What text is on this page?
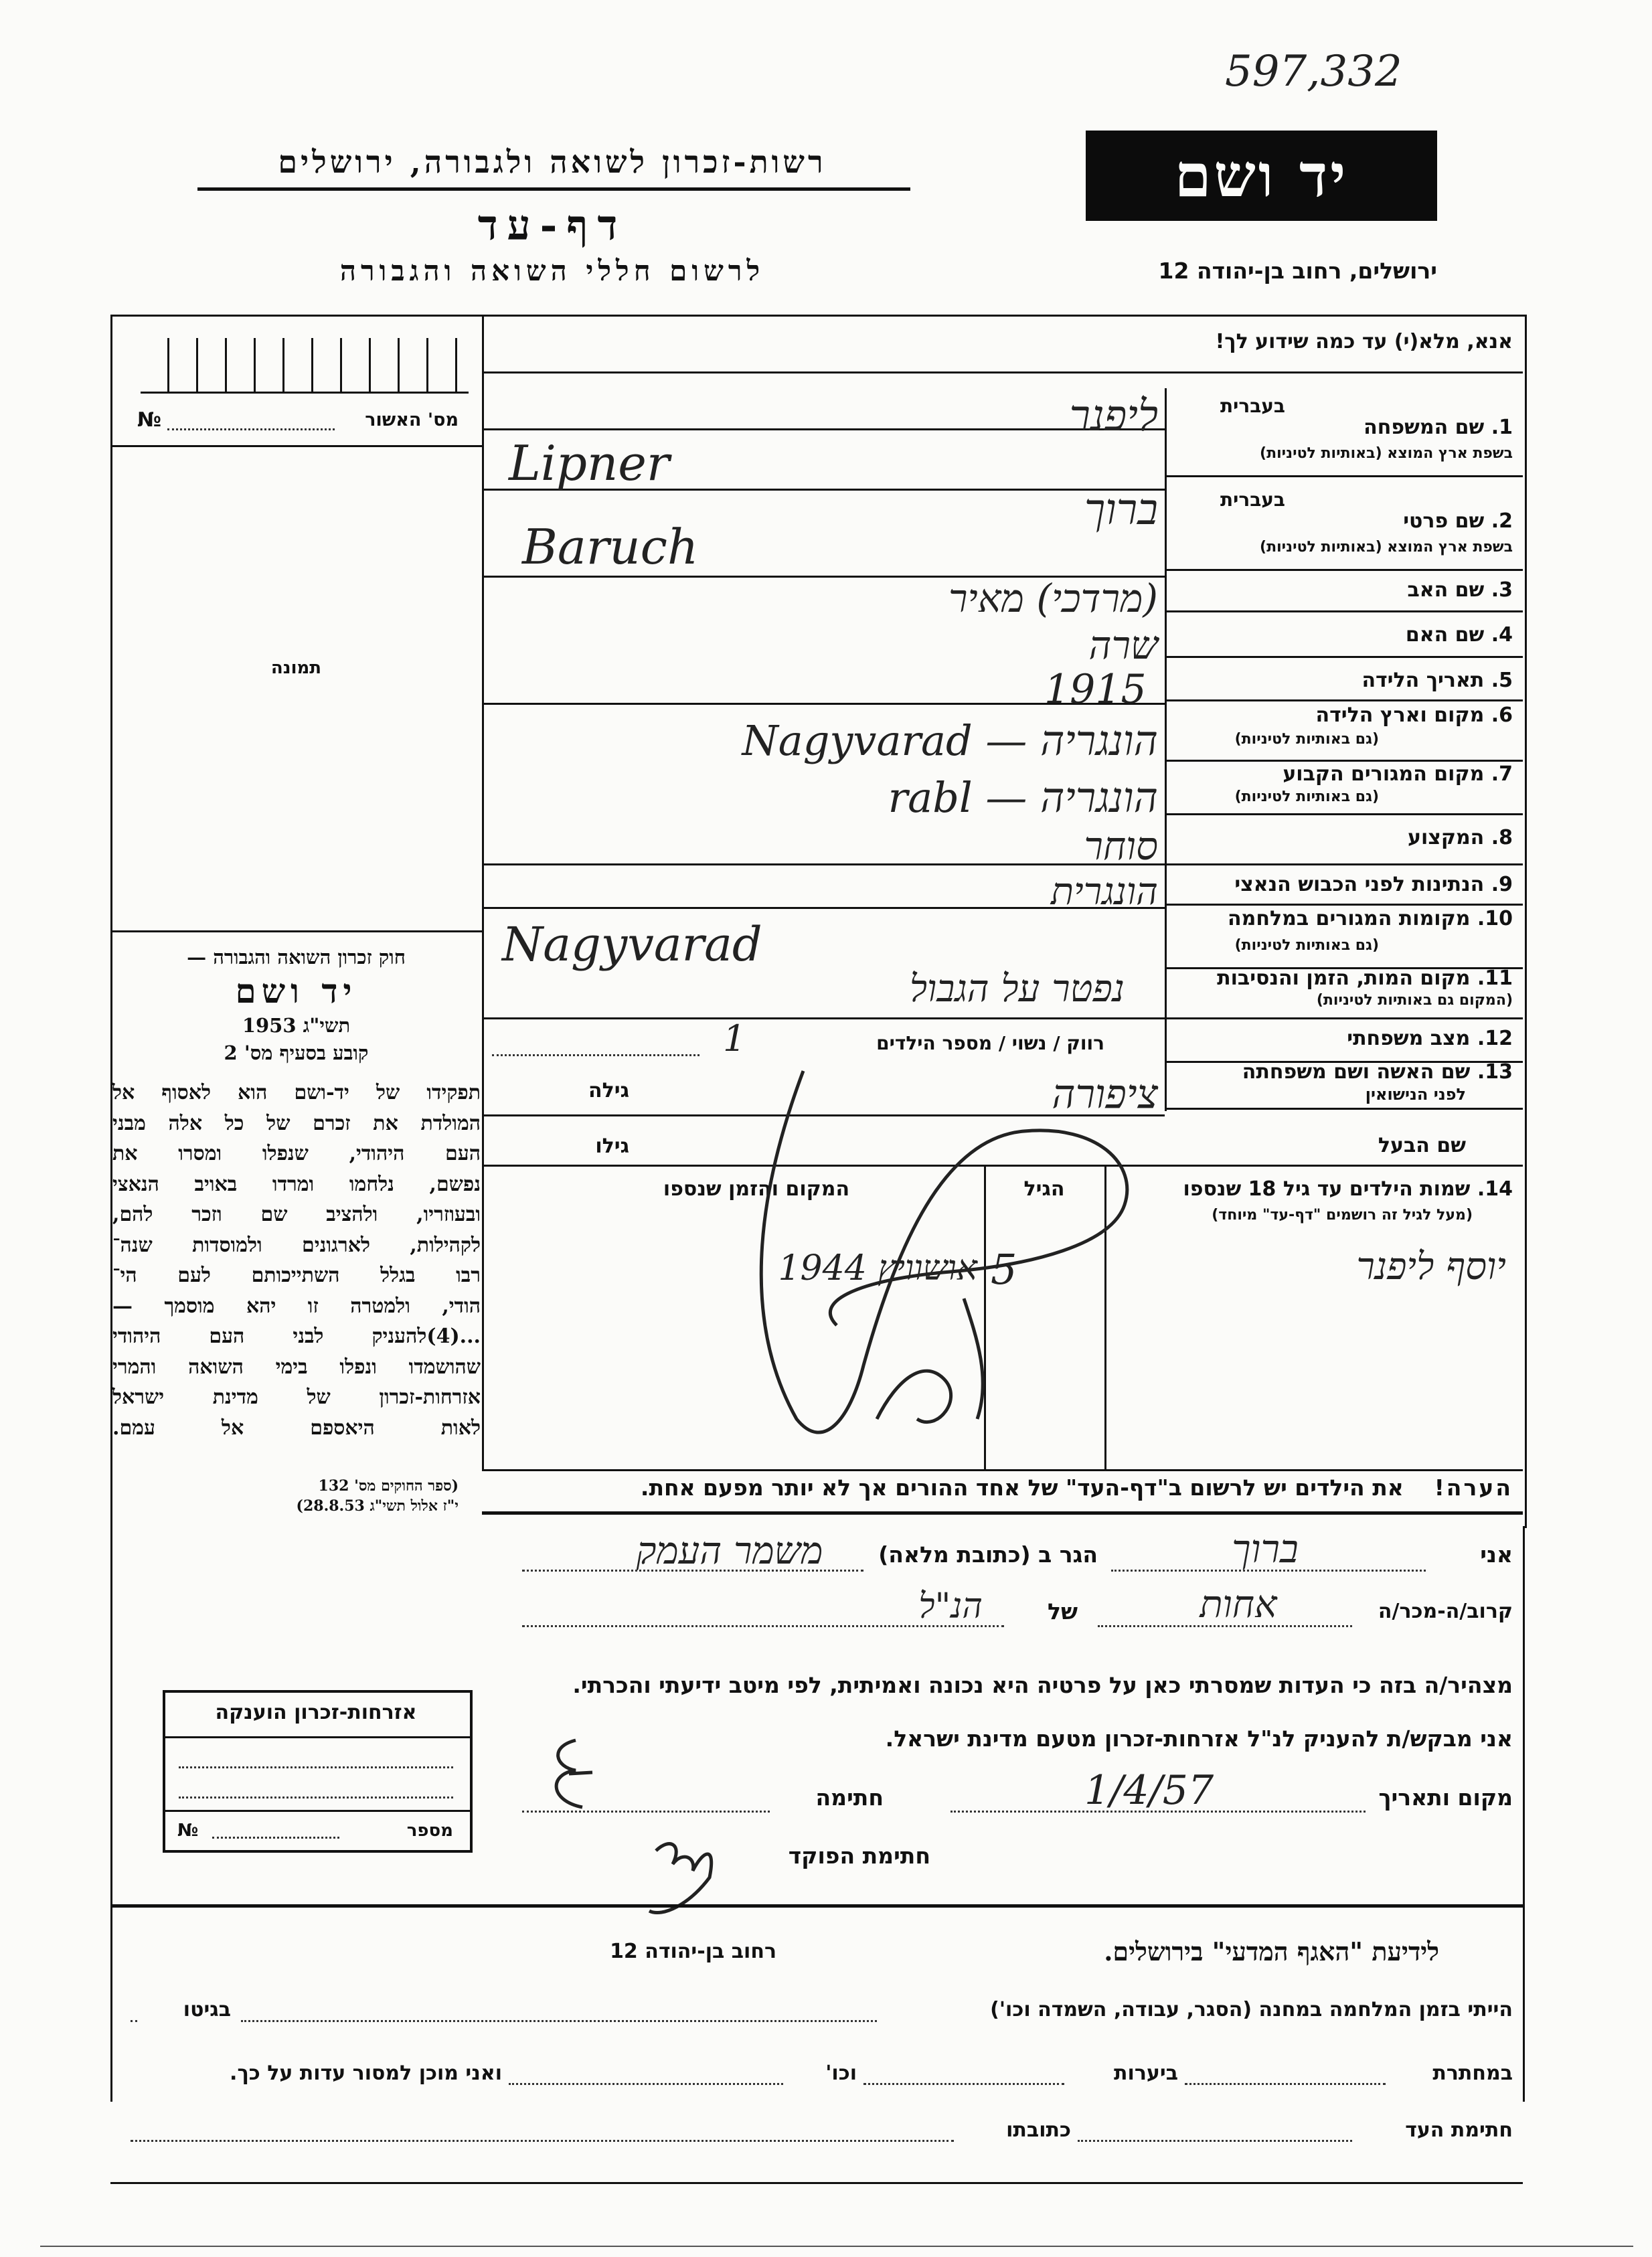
597,332
רשות-זכרון לשואה ולגבורה, ירושלים
דף-עד
לרשום חללי השואה והגבורה
יד ושם
ירושלים, רחוב בן-יהודה 12
אנא, מלא(י) עד כמה שידוע לך!
מס' האשור
№
תמונה
חוק זכרון השואה והגבורה —
יד ושם
תשי"ג 1953
קובע בסעיף מס' 2
תפקידו של יד-ושם הוא לאסוף אל
המולדת את זכרם של כל אלה מבני
העם היהודי, שנפלו ומסרו את
נפשם, נלחמו ומרדו באויב הנאצי
ובעוזריו, ולהציב שם וזכר להם,
לקהילות, לארגונים ולמוסדות שנה־
רבו בגלל השתייכותם לעם הי־
הודי, ולמטרה זו יהא מוסמך —
...(4)להעניק לבני העם היהודי
שהושמדו ונפלו בימי השואה והמרי
אזרחות-זכרון של מדינת ישראל
לאות היאספם אל עמם.
(ספר החוקים מס' 132
י"ז אלול תשי"ג 28.8.53)
בעברית
1. שם המשפחה
בשפת ארץ המוצא (באותיות לטיניות)
בעברית
2. שם פרטי
בשפת ארץ המוצא (באותיות לטיניות)
3. שם האב
4. שם האם
5. תאריך הלידה
6. מקום וארץ הלידה
(גם באותיות לטיניות)
7. מקום המגורים הקבוע
(גם באותיות לטיניות)
8. המקצוע
9. הנתינות לפני הכבוש הנאצי
10. מקומות המגורים במלחמה
(גם באותיות לטיניות)
11. מקום המות, הזמן והנסיבות
(המקום גם באותיות לטיניות)
12. מצב משפחתי
13. שם האשה ושם משפחתה
לפני הנישואין
שם הבעל
ליפנר
Lipner
ברוך
Baruch
(מרדכי) מאיר
שרה
1915
הונגריה — Nagyvarad
הונגריה — rabl
סוחר
הונגרית
Nagyvarad
נפטר על הגבול
רווק / נשוי / מספר הילדים
1
גילה	ציפורה
גילו
14. שמות הילדים עד גיל 18 שנספו
(מעל לגיל זה רושמים "דף-עד" מיוחד)
הגיל
המקום והזמן שנספו
יוסף ליפנר
5
אושוויץ 1944
הערה!    את הילדים יש לרשום ב"דף-העד" של אחד ההורים אך לא יותר מפעם אחת.
אני
ברוך
הגר ב (כתובת מלאה)
משמר העמק
קרוב/ה-מכר/ה
אחות
של
הנ"ל
מצהיר/ה בזה כי העדות שמסרתי כאן על פרטיה היא נכונה ואמיתית, לפי מיטב ידיעתי והכרתי.
אני מבקש/ת להעניק לנ"ל אזרחות-זכרון מטעם מדינת ישראל.
מקום ותאריך
1/4/57
חתימה
חתימת הפוקד
אזרחות-זכרון הוענקה
מספר
№
לידיעת "האגף המדעי" בירושלים.
רחוב בן-יהודה 12
הייתי בזמן המלחמה במחנה (הסגר, עבודה, השמדה וכו')
בגיטו
במחתרת
ביערות
וכו'
ואני מוכן למסור עדות על כך.
חתימת העד
כתובתו
